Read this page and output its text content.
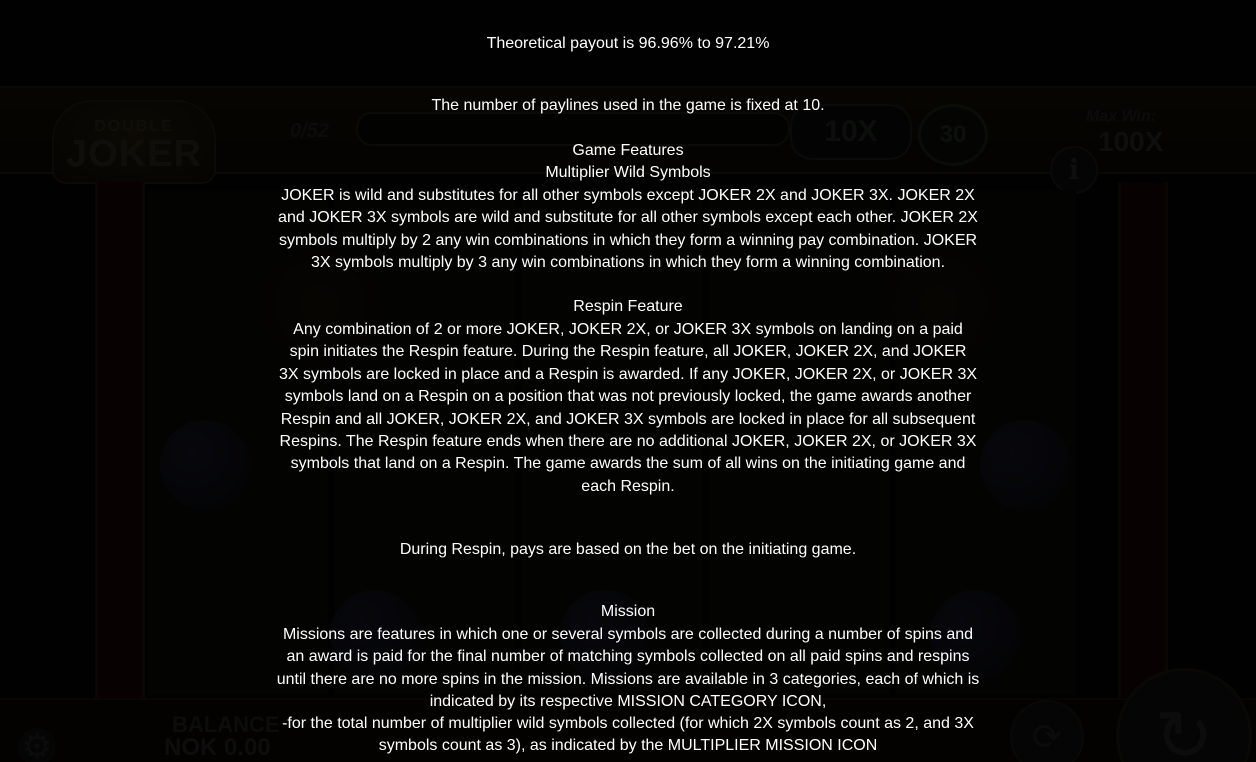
Theoretical payout is 96.96% to 97.21%
The number of paylines used in the game is fixed at 10.
Game Features
Multiplier Wild Symbols
JOKER is wild and substitutes for all other symbols except JOKER 2X and JOKER 3X. JOKER 2X and JOKER 3X symbols are wild and substitute for all other symbols except each other. JOKER 2X symbols multiply by 2 any win combinations in which they form a winning pay combination. JOKER 3X symbols multiply by 3 any win combinations in which they form a winning combination.
Respin Feature
Any combination of 2 or more JOKER, JOKER 2X, or JOKER 3X symbols on landing on a paid spin initiates the Respin feature. During the Respin feature, all JOKER, JOKER 2X, and JOKER 3X symbols are locked in place and a Respin is awarded. If any JOKER, JOKER 2X, or JOKER 3X symbols land on a Respin on a position that was not previously locked, the game awards another Respin and all JOKER, JOKER 2X, and JOKER 3X symbols are locked in place for all subsequent Respins. The Respin feature ends when there are no additional JOKER, JOKER 2X, or JOKER 3X symbols that land on a Respin. The game awards the sum of all wins on the initiating game and each Respin.
During Respin, pays are based on the bet on the initiating game.
Mission
Missions are features in which one or several symbols are collected during a number of spins and an award is paid for the final number of matching symbols collected on all paid spins and respins until there are no more spins in the mission. Missions are available in 3 categories, each of which is indicated by its respective MISSION CATEGORY ICON,
-for the total number of multiplier wild symbols collected (for which 2X symbols count as 2, and 3X symbols count as 3), as indicated by the MULTIPLIER MISSION ICON
